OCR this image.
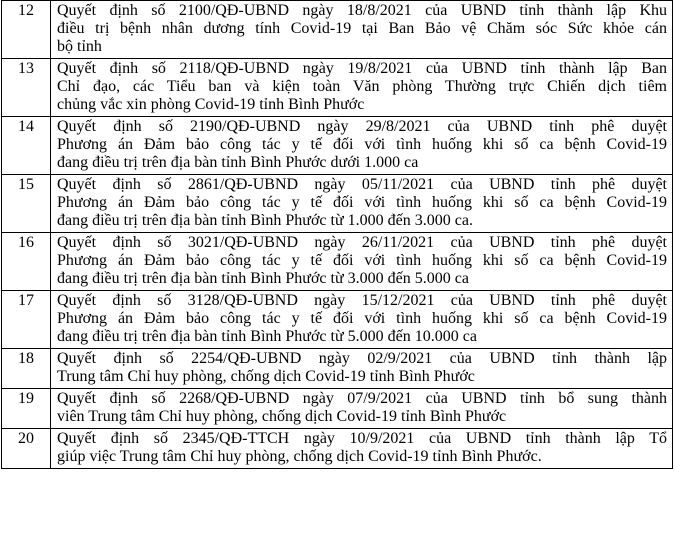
12	Quyết định số 2100/QĐ-UBND ngày 18/8/2021 của UBND tỉnh thành lập Khu
điều trị bệnh nhân dương tính Covid-19 tại Ban Bảo vệ Chăm sóc Sức khỏe cán
bộ tỉnh

13	Quyết định số 2118/QĐ-UBND ngày 19/8/2021 của UBND tỉnh thành lập Ban
Chỉ đạo, các Tiểu ban và kiện toàn Văn phòng Thường trực Chiến dịch tiêm
chủng vắc xin phòng Covid-19 tỉnh Bình Phước

14	Quyết định số 2190/QĐ-UBND ngày 29/8/2021 của UBND tỉnh phê duyệt
Phương án Đảm bảo công tác y tế đối với tình huống khi số ca bệnh Covid-19
đang điều trị trên địa bàn tỉnh Bình Phước dưới 1.000 ca

15	Quyết định số 2861/QĐ-UBND ngày 05/11/2021 của UBND tỉnh phê duyệt
Phương án Đảm bảo công tác y tế đối với tình huống khi số ca bệnh Covid-19
đang điều trị trên địa bàn tỉnh Bình Phước từ 1.000 đến 3.000 ca.

16	Quyết định số 3021/QĐ-UBND ngày 26/11/2021 của UBND tỉnh phê duyệt
Phương án Đảm bảo công tác y tế đối với tình huống khi số ca bệnh Covid-19
đang điều trị trên địa bàn tỉnh Bình Phước từ 3.000 đến 5.000 ca

17	Quyết định số 3128/QĐ-UBND ngày 15/12/2021 của UBND tỉnh phê duyệt
Phương án Đảm bảo công tác y tế đối với tình huống khi số ca bệnh Covid-19
đang điều trị trên địa bàn tỉnh Bình Phước từ 5.000 đến 10.000 ca

18	Quyết định số 2254/QĐ-UBND ngày 02/9/2021 của UBND tỉnh thành lập
Trung tâm Chỉ huy phòng, chống dịch Covid-19 tỉnh Bình Phước

19	Quyết định số 2268/QĐ-UBND ngày 07/9/2021 của UBND tỉnh bổ sung thành
viên Trung tâm Chỉ huy phòng, chống dịch Covid-19 tỉnh Bình Phước

20	Quyết định số 2345/QĐ-TTCH ngày 10/9/2021 của UBND tỉnh thành lập Tổ
giúp việc Trung tâm Chỉ huy phòng, chống dịch Covid-19 tỉnh Bình Phước.
